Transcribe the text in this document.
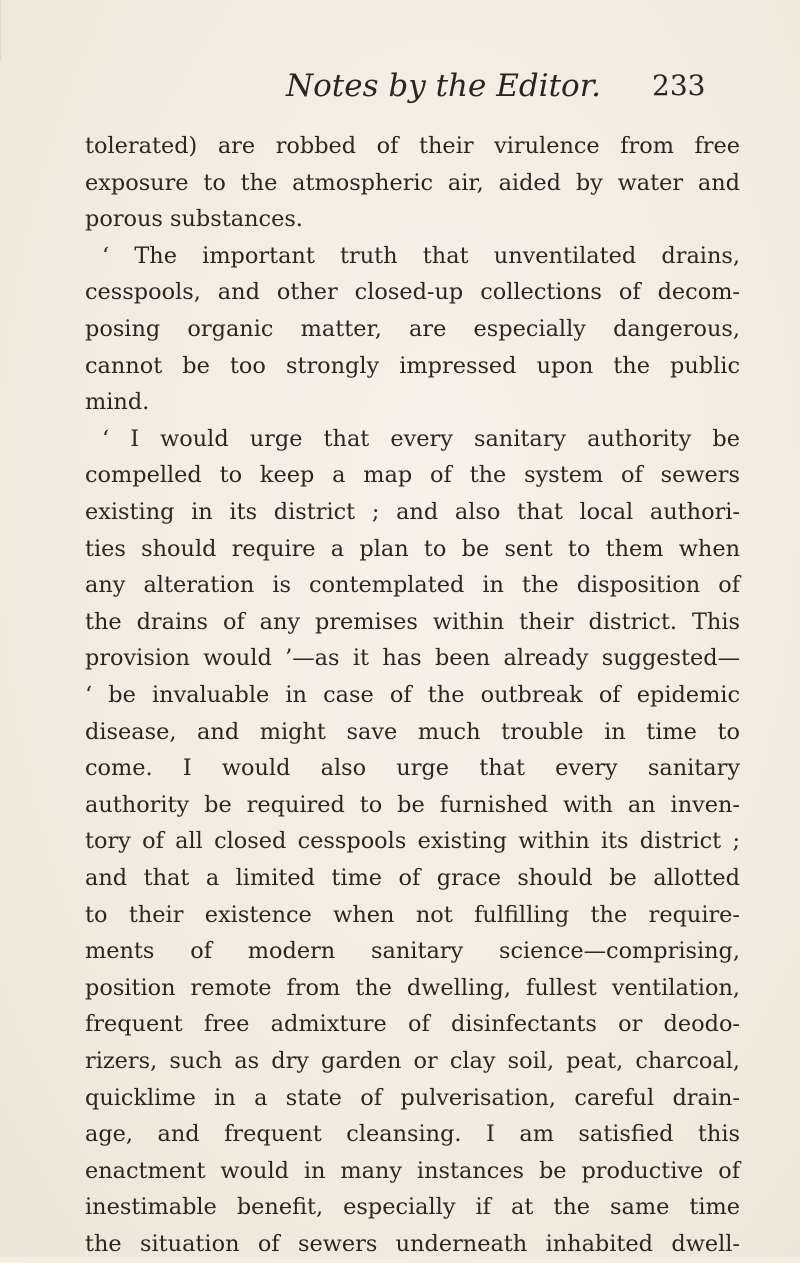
Notes by the Editor. 233
tolerated) are robbed of their virulence from free
exposure to the atmospheric air, aided by water and
porous substances.
‘ The important truth that unventilated drains,
cesspools, and other closed-up collections of decom-
posing organic matter, are especially dangerous,
cannot be too strongly impressed upon the public
mind.
‘ I would urge that every sanitary authority be
compelled to keep a map of the system of sewers
existing in its district ; and also that local authori-
ties should require a plan to be sent to them when
any alteration is contemplated in the disposition of
the drains of any premises within their district. This
provision would ’—as it has been already suggested—
‘ be invaluable in case of the outbreak of epidemic
disease, and might save much trouble in time to
come. I would also urge that every sanitary
authority be required to be furnished with an inven-
tory of all closed cesspools existing within its district ;
and that a limited time of grace should be allotted
to their existence when not fulfilling the require-
ments of modern sanitary science—comprising,
position remote from the dwelling, fullest ventilation,
frequent free admixture of disinfectants or deodo-
rizers, such as dry garden or clay soil, peat, charcoal,
quicklime in a state of pulverisation, careful drain-
age, and frequent cleansing. I am satisfied this
enactment would in many instances be productive of
inestimable benefit, especially if at the same time
the situation of sewers underneath inhabited dwell-
